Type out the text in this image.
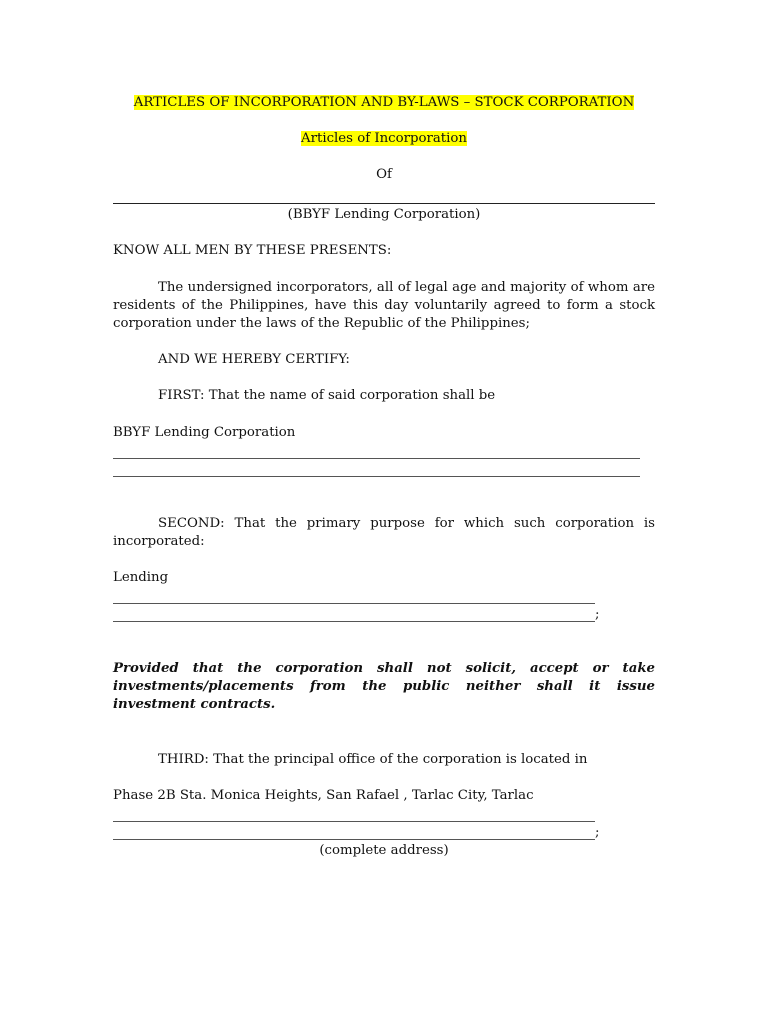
ARTICLES OF INCORPORATION AND BY-LAWS – STOCK CORPORATION
Articles of Incorporation
Of
(BBYF Lending Corporation)
KNOW ALL MEN BY THESE PRESENTS:
The undersigned incorporators, all of legal age and majority of whom are residents of the Philippines, have this day voluntarily agreed to form a stock corporation under the laws of the Republic of the Philippines;
AND WE HEREBY CERTIFY:
FIRST: That the name of said corporation shall be
BBYF Lending Corporation
SECOND: That the primary purpose for which such corporation is incorporated:
Lending
;
Provided that the corporation shall not solicit, accept or take investments/placements from the public neither shall it issue investment contracts.
THIRD: That the principal office of the corporation is located in
Phase 2B Sta. Monica Heights, San Rafael , Tarlac City, Tarlac
;
(complete address)
